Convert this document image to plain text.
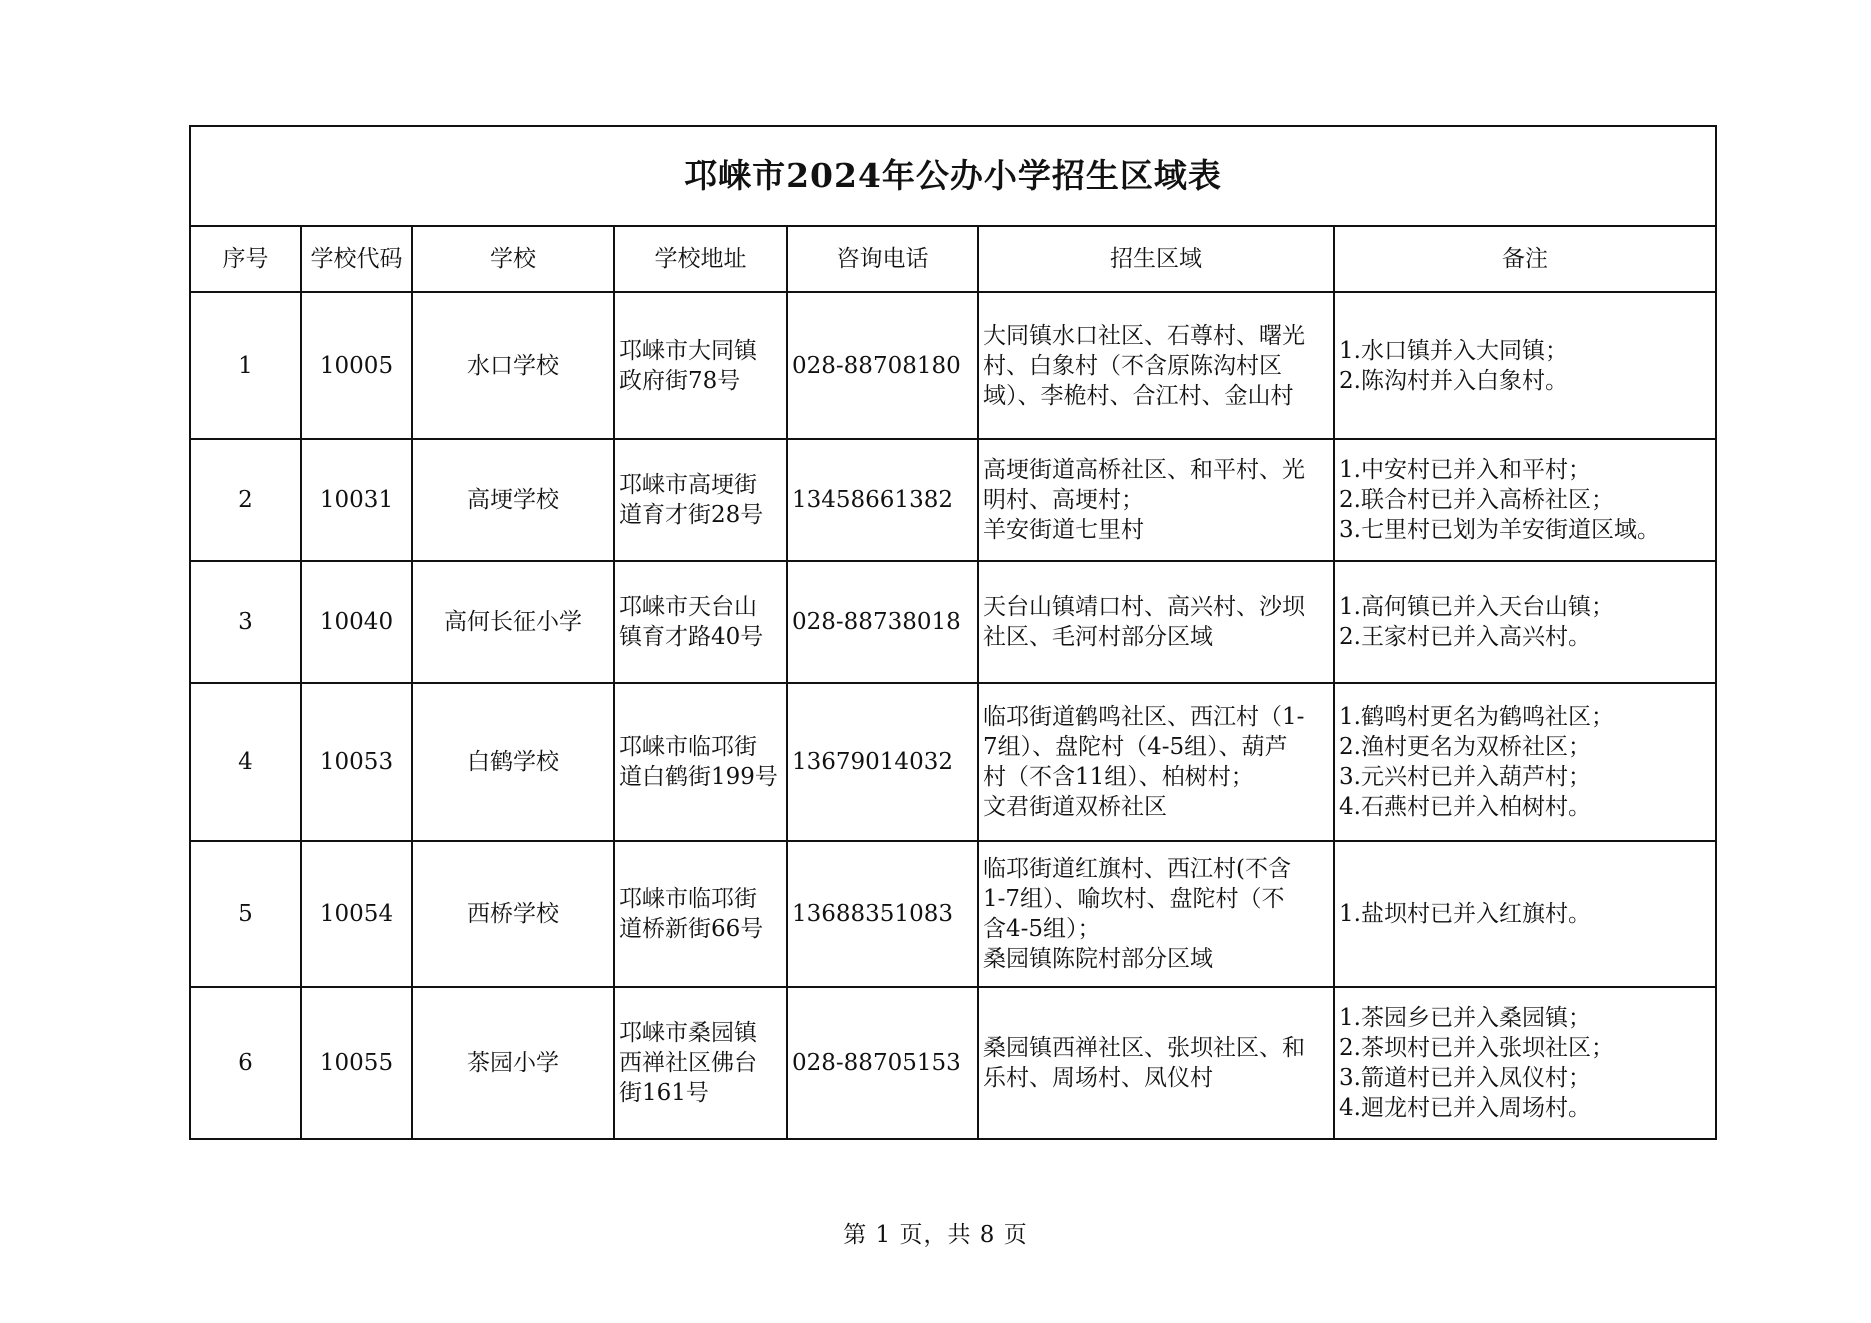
邛崃市2024年公办小学招生区域表						
序号	学校代码	学校	学校地址	咨询电话	招生区域	备注
1	10005	水口学校	邛崃市大同镇
政府街78号	028-88708180	大同镇水口社区、石尊村、曙光
村、白象村（不含原陈沟村区
域）、李桅村、合江村、金山村	1.水口镇并入大同镇；
2.陈沟村并入白象村。

2	10031	高埂学校	邛崃市高埂街
道育才街28号	13458661382	高埂街道高桥社区、和平村、光
明村、高埂村；
羊安街道七里村	1.中安村已并入和平村；
2.联合村已并入高桥社区；
3.七里村已划为羊安街道区域。

3	10040	高何长征小学	邛崃市天台山
镇育才路40号	028-88738018	天台山镇靖口村、高兴村、沙坝
社区、毛河村部分区域	1.高何镇已并入天台山镇；
2.王家村已并入高兴村。

4	10053	白鹤学校	邛崃市临邛街
道白鹤街199号	13679014032	临邛街道鹤鸣社区、西江村（1-
7组）、盘陀村（4-5组）、葫芦
村（不含11组）、柏树村；
文君街道双桥社区	1.鹤鸣村更名为鹤鸣社区；
2.渔村更名为双桥社区；
3.元兴村已并入葫芦村；
4.石燕村已并入柏树村。

5	10054	西桥学校	邛崃市临邛街
道桥新街66号	13688351083	临邛街道红旗村、西江村(不含
1-7组）、喻坎村、盘陀村（不
含4-5组）；
桑园镇陈院村部分区域	1.盐坝村已并入红旗村。

6	10055	茶园小学	邛崃市桑园镇
西禅社区佛台
街161号	028-88705153	桑园镇西禅社区、张坝社区、和
乐村、周场村、凤仪村	1.茶园乡已并入桑园镇；
2.茶坝村已并入张坝社区；
3.箭道村已并入凤仪村；
4.迴龙村已并入周场村。
第 1 页，共 8 页
